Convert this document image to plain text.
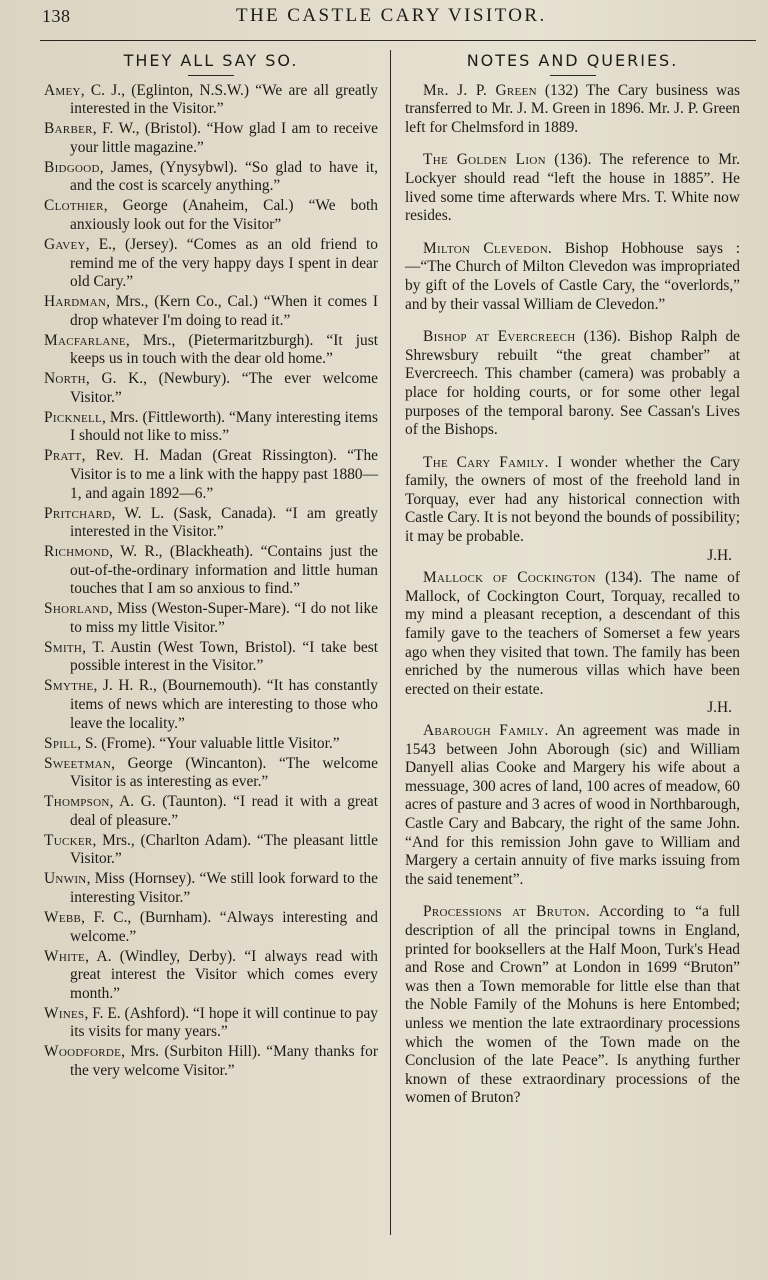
138	THE CASTLE CARY VISITOR.
THEY ALL SAY SO.

Amey, C. J., (Eglinton, N.S.W.) “We are all greatly interested in the Visitor.”

Barber, F. W., (Bristol). “How glad I am to receive your little magazine.”

Bidgood, James, (Ynysybwl). “So glad to have it, and the cost is scarcely anything.”

Clothier, George (Anaheim, Cal.) “We both anxiously look out for the Visitor”

Gavey, E., (Jersey). “Comes as an old friend to remind me of the very happy days I spent in dear old Cary.”

Hardman, Mrs., (Kern Co., Cal.) “When it comes I drop whatever I'm doing to read it.”

Macfarlane, Mrs., (Pietermaritzburgh). “It just keeps us in touch with the dear old home.”

North, G. K., (Newbury). “The ever welcome Visitor.”

Picknell, Mrs. (Fittleworth). “Many interesting items I should not like to miss.”

Pratt, Rev. H. Madan (Great Rissington). “The Visitor is to me a link with the happy past 1880—1, and again 1892—6.”

Pritchard, W. L. (Sask, Canada). “I am greatly interested in the Visitor.”

Richmond, W. R., (Blackheath). “Contains just the out-of-the-ordinary information and little human touches that I am so anxious to find.”

Shorland, Miss (Weston-Super-Mare). “I do not like to miss my little Visitor.”

Smith, T. Austin (West Town, Bristol). “I take best possible interest in the Visitor.”

Smythe, J. H. R., (Bournemouth). “It has constantly items of news which are interesting to those who leave the locality.”

Spill, S. (Frome). “Your valuable little Visitor.”

Sweetman, George (Wincanton). “The welcome Visitor is as interesting as ever.”

Thompson, A. G. (Taunton). “I read it with a great deal of pleasure.”

Tucker, Mrs., (Charlton Adam). “The pleasant little Visitor.”

Unwin, Miss (Hornsey). “We still look forward to the interesting Visitor.”

Webb, F. C., (Burnham). “Always interesting and welcome.”

White, A. (Windley, Derby). “I always read with great interest the Visitor which comes every month.”

Wines, F. E. (Ashford). “I hope it will continue to pay its visits for many years.”

Woodforde, Mrs. (Surbiton Hill). “Many thanks for the very welcome Visitor.”

NOTES AND QUERIES.

Mr. J. P. Green (132) The Cary business was transferred to Mr. J. M. Green in 1896. Mr. J. P. Green left for Chelmsford in 1889.

The Golden Lion (136). The reference to Mr. Lockyer should read “left the house in 1885”. He lived some time afterwards where Mrs. T. White now resides.

Milton Clevedon. Bishop Hobhouse says :—“The Church of Milton Clevedon was impropriated by gift of the Lovels of Castle Cary, the “overlords,” and by their vassal William de Clevedon.”

Bishop at Evercreech (136). Bishop Ralph de Shrewsbury rebuilt “the great chamber” at Evercreech. This chamber (camera) was probably a place for holding courts, or for some other legal purposes of the temporal barony. See Cassan's Lives of the Bishops.

The Cary Family. I wonder whether the Cary family, the owners of most of the freehold land in Torquay, ever had any historical connection with Castle Cary. It is not beyond the bounds of possibility; it may be probable.

J.H.

Mallock of Cockington (134). The name of Mallock, of Cockington Court, Torquay, recalled to my mind a pleasant reception, a descendant of this family gave to the teachers of Somerset a few years ago when they visited that town. The family has been enriched by the numerous villas which have been erected on their estate.

J.H.

Abarough Family. An agreement was made in 1543 between John Aborough (sic) and William Danyell alias Cooke and Margery his wife about a messuage, 300 acres of land, 100 acres of meadow, 60 acres of pasture and 3 acres of wood in Northbarough, Castle Cary and Babcary, the right of the same John. “And for this remission John gave to William and Margery a certain annuity of five marks issuing from the said tenement”.

Processions at Bruton. According to “a full description of all the principal towns in England, printed for booksellers at the Half Moon, Turk's Head and Rose and Crown” at London in 1699 “Bruton” was then a Town memorable for little else than that the Noble Family of the Mohuns is here Entombed; unless we mention the late extraordinary processions which the women of the Town made on the Conclusion of the late Peace”. Is anything further known of these extraordinary processions of the women of Bruton?
